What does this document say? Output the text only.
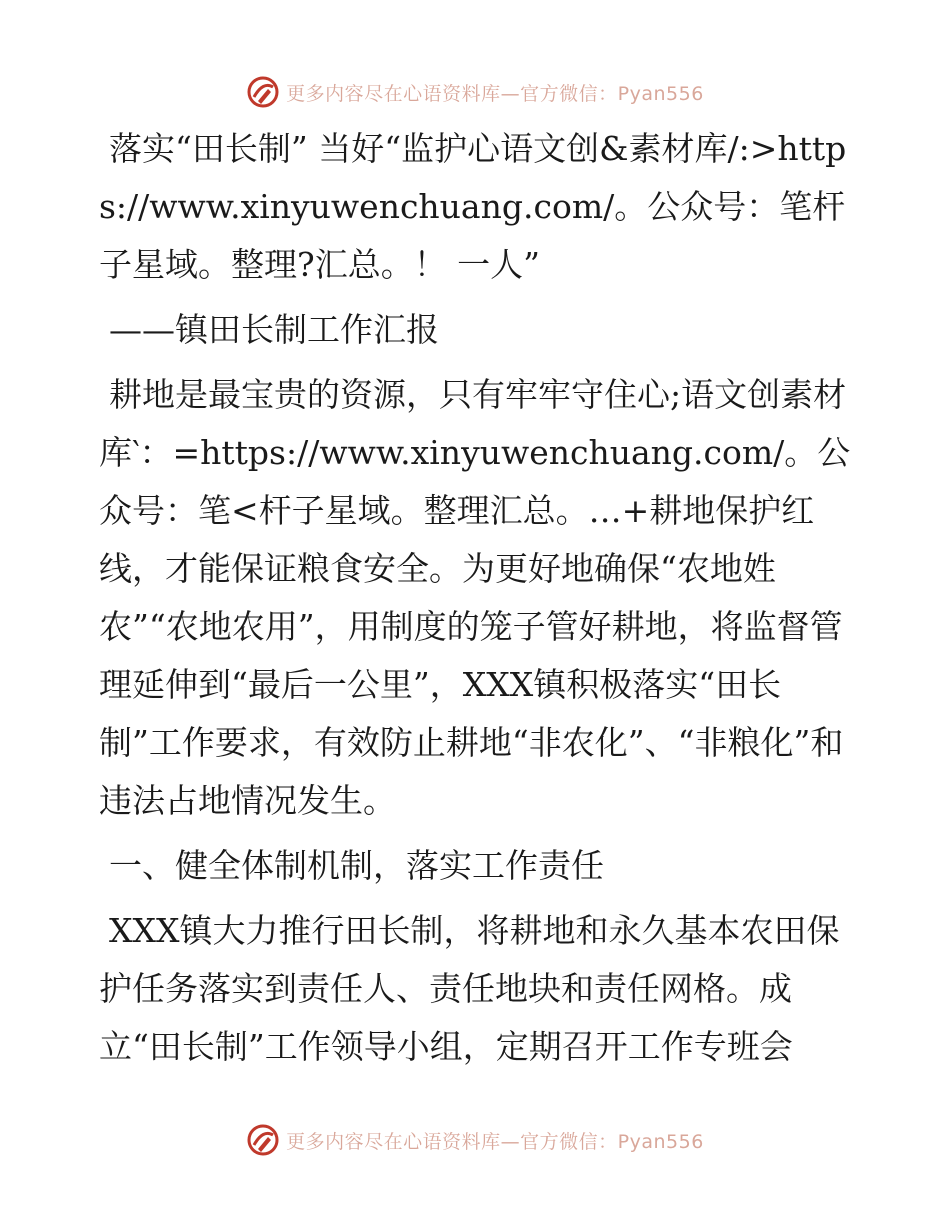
更多内容尽在心语资料库—官方微信：Pyan556

落实“田长制” 当好“监护心语文创&素材库/:>https://www.xinyuwenchuang.com/。公众号：笔杆子星域。整理?汇总。！ 一人”

——镇田长制工作汇报

耕地是最宝贵的资源，只有牢牢守住心;语文创素材库‵：=https://www.xinyuwenchuang.com/。公众号：笔<杆子星域。整理汇总。…+耕地保护红线，才能保证粮食安全。为更好地确保“农地姓农”“农地农用”，用制度的笼子管好耕地，将监督管理延伸到“最后一公里”，XXX镇积极落实“田长制”工作要求，有效防止耕地“非农化”、“非粮化”和违法占地情况发生。

一、健全体制机制，落实工作责任

XXX镇大力推行田长制，将耕地和永久基本农田保护任务落实到责任人、责任地块和责任网格。成立“田长制”工作领导小组，定期召开工作专班会

更多内容尽在心语资料库—官方微信：Pyan556
